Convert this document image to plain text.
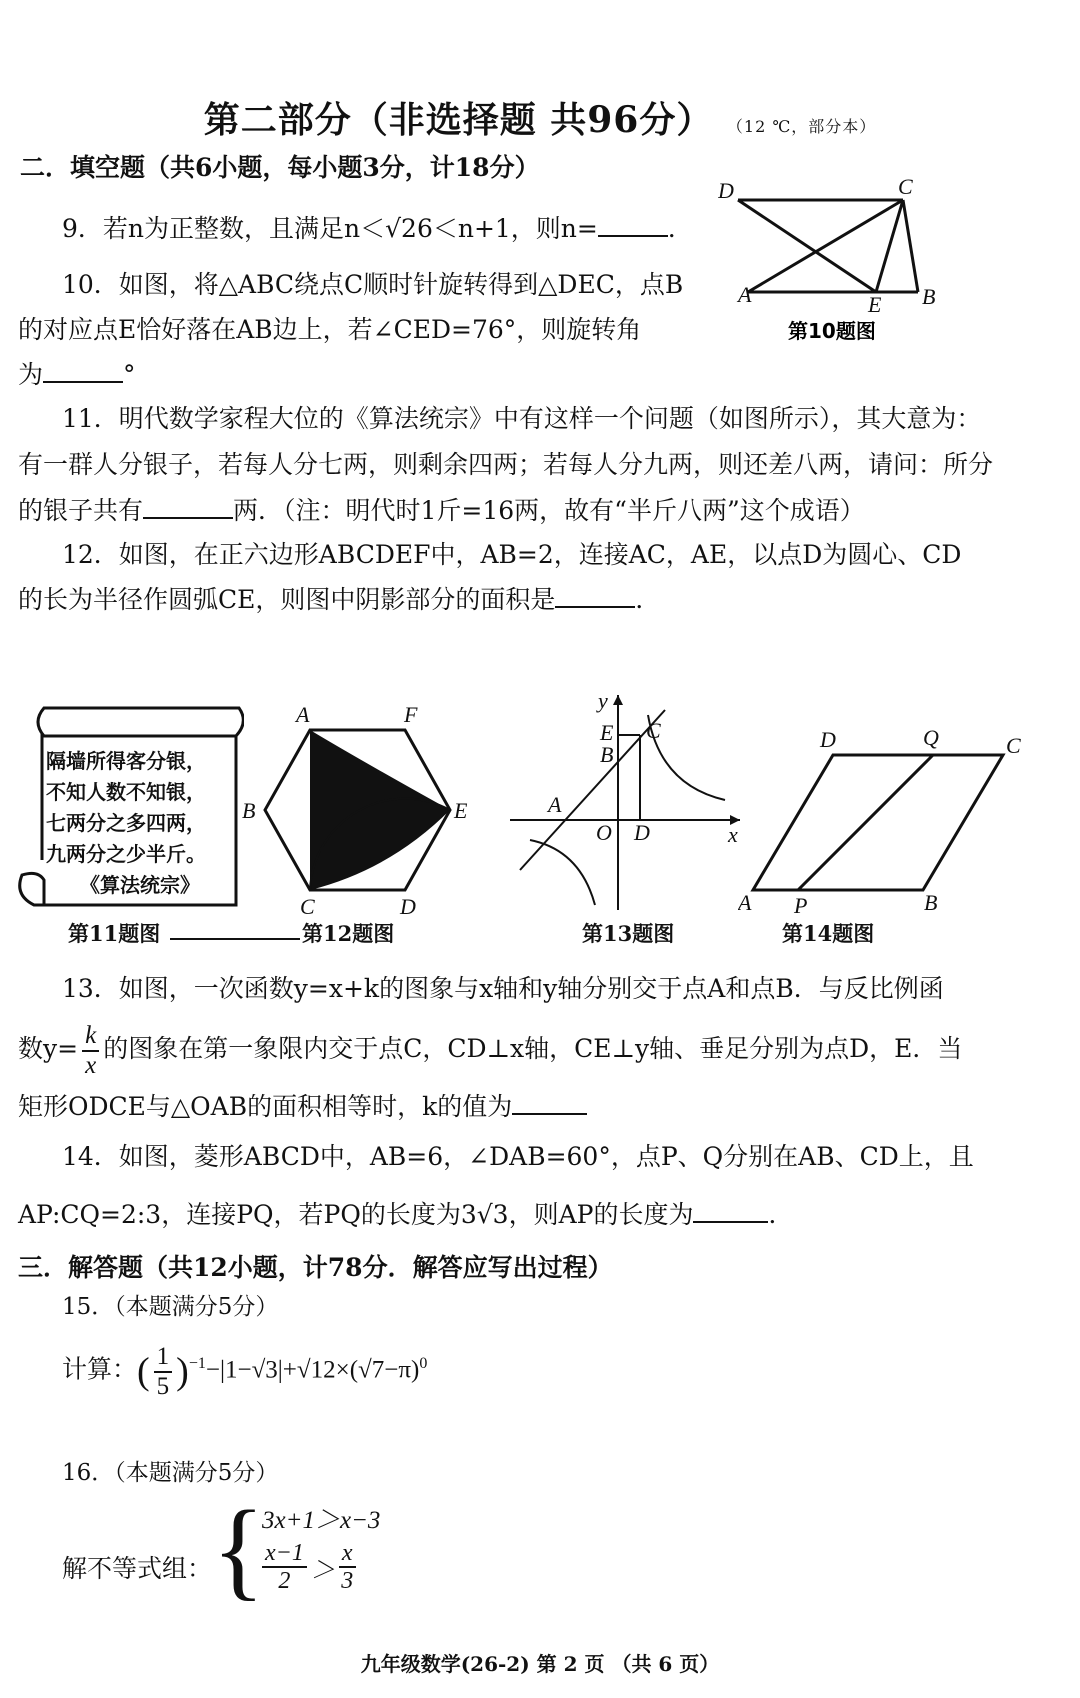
第二部分（非选择题 共96分） （12 ℃，部分本）
二．填空题（共6小题，每小题3分，计18分）
9．若n为正整数，且满足n＜√26＜n+1，则n=	．
10．如图，将△ABC绕点C顺时针旋转得到△DEC，点B
的对应点E恰好落在AB边上，若∠CED=76°，则旋转角
为	°
D	C
A	E B
第10题图
11．明代数学家程大位的《算法统宗》中有这样一个问题（如图所示），其大意为：
有一群人分银子，若每人分七两，则剩余四两；若每人分九两，则还差八两，请问：所分
的银子共有	两．（注：明代时1斤=16两，故有“半斤八两”这个成语）
12．如图，在正六边形ABCDEF中，AB=2，连接AC，AE，以点D为圆心、CD
的长为半径作圆弧CE，则图中阴影部分的面积是	．
隔墙所得客分银，
不知人数不知银，
七两分之多四两，
九两分之少半斤。
《算法统宗》
第11题图
A	F
B	E
C	D
第12题图
y
E
B
C
A
O D	x
第13题图
D	Q	C
A P	B
第14题图
13．如图，一次函数y=x+k的图象与x轴和y轴分别交于点A和点B．与反比例函
数$y= \frac{k}{x}$ 的图象在第一象限内交于点C，CD⊥x轴，CE⊥y轴、垂足分别为点D，E．当
矩形ODCE与△OAB的面积相等时，k的值为
14．如图，菱形ABCD中，AB=6，∠DAB=60°，点P、Q分别在AB、CD上，且
AP:CQ=2:3，连接PQ，若PQ的长度为3√3，则AP的长度为	．
三．解答题（共12小题，计78分．解答应写出过程）
15．（本题满分5分）
计算：( $\frac{1}{5} )^{-1}-|1-√3|+√12\times(√7-\pi)^0$
16．（本题满分5分）
解不等式组： {
3x+1＞x−3
$\frac{x-1}{2} > \frac{x}{3}$
九年级数学(26-2) 第 2 页 （共 6 页）
